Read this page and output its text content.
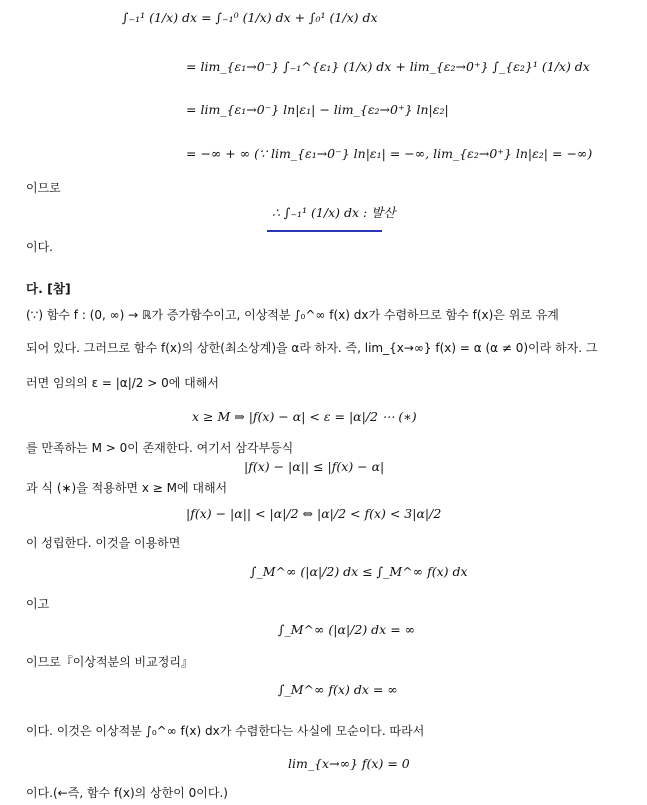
∫₋₁¹ (1/x) dx = ∫₋₁⁰ (1/x) dx + ∫₀¹ (1/x) dx
= lim_{ε₁→0⁻} ∫₋₁^{ε₁} (1/x) dx + lim_{ε₂→0⁺} ∫_{ε₂}¹ (1/x) dx
= lim_{ε₁→0⁻} ln|ε₁| − lim_{ε₂→0⁺} ln|ε₂|
= −∞ + ∞ (∵ lim_{ε₁→0⁻} ln|ε₁| = −∞, lim_{ε₂→0⁺} ln|ε₂| = −∞)
이므로
∴ ∫₋₁¹ (1/x) dx : 발산
이다.
다. [참]
(∵) 함수 f : (0, ∞) → ℝ가 증가함수이고, 이상적분 ∫₀^∞ f(x) dx가 수렴하므로 함수 f(x)은 위로 유계
되어 있다. 그러므로 함수 f(x)의 상한(최소상계)을 α라 하자. 즉, lim_{x→∞} f(x) = α (α ≠ 0)이라 하자. 그
러면 임의의 ε = |α|/2 > 0에 대해서
x ≥ M ⇒ |f(x) − α| < ε = |α|/2 ⋯ (∗)
를 만족하는 M > 0이 존재한다. 여기서 삼각부등식
|f(x) − |α|| ≤ |f(x) − α|
과 식 (∗)을 적용하면 x ≥ M에 대해서
|f(x) − |α|| < |α|/2 ⇔ |α|/2 < f(x) < 3|α|/2
이 성립한다. 이것을 이용하면
∫_M^∞ (|α|/2) dx ≤ ∫_M^∞ f(x) dx
이고
∫_M^∞ (|α|/2) dx = ∞
이므로『이상적분의 비교정리』
∫_M^∞ f(x) dx = ∞
이다. 이것은 이상적분 ∫₀^∞ f(x) dx가 수렴한다는 사실에 모순이다. 따라서
lim_{x→∞} f(x) = 0
이다.(←즉, 함수 f(x)의 상한이 0이다.)
